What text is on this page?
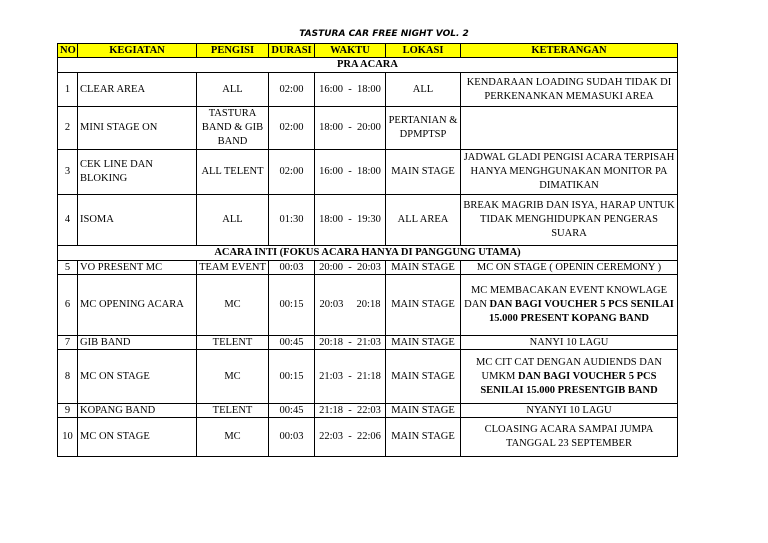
TASTURA CAR FREE NIGHT VOL. 2
NO	KEGIATAN	PENGISI	DURASI	WAKTU	LOKASI	KETERANGAN
PRA ACARA						
1	CLEAR AREA	ALL	02:00	16:00  -  18:00	ALL	KENDARAAN LOADING SUDAH TIDAK DI PERKENANKAN MEMASUKI AREA
2	MINI STAGE ON	TASTURA BAND & GIB BAND	02:00	18:00  -  20:00	PERTANIAN & DPMPTSP	
3	CEK LINE DAN BLOKING	ALL TELENT	02:00	16:00  -  18:00	MAIN STAGE	JADWAL GLADI PENGISI ACARA TERPISAH HANYA MENGHGUNAKAN MONITOR PA DIMATIKAN
4	ISOMA	ALL	01:30	18:00  -  19:30	ALL AREA	BREAK MAGRIB DAN ISYA, HARAP UNTUK TIDAK MENGHIDUPKAN PENGERAS SUARA
ACARA INTI (FOKUS ACARA HANYA DI PANGGUNG UTAMA)						
5	VO PRESENT MC	TEAM EVENT	00:03	20:00  -  20:03	MAIN STAGE	MC ON STAGE ( OPENIN CEREMONY )
6	MC OPENING ACARA	MC	00:15	20:03     20:18	MAIN STAGE	MC MEMBACAKAN EVENT KNOWLAGE DAN DAN BAGI VOUCHER 5 PCS SENILAI 15.000 PRESENT KOPANG BAND
7	GIB BAND	TELENT	00:45	20:18  -  21:03	MAIN STAGE	NANYI 10 LAGU
8	MC ON STAGE	MC	00:15	21:03  -  21:18	MAIN STAGE	MC CIT CAT DENGAN AUDIENDS DAN UMKM DAN BAGI VOUCHER 5 PCS SENILAI 15.000 PRESENTGIB BAND
9	KOPANG BAND	TELENT	00:45	21:18  -  22:03	MAIN STAGE	NYANYI 10 LAGU
10	MC ON STAGE	MC	00:03	22:03  -  22:06	MAIN STAGE	CLOASING ACARA SAMPAI JUMPA TANGGAL 23 SEPTEMBER
